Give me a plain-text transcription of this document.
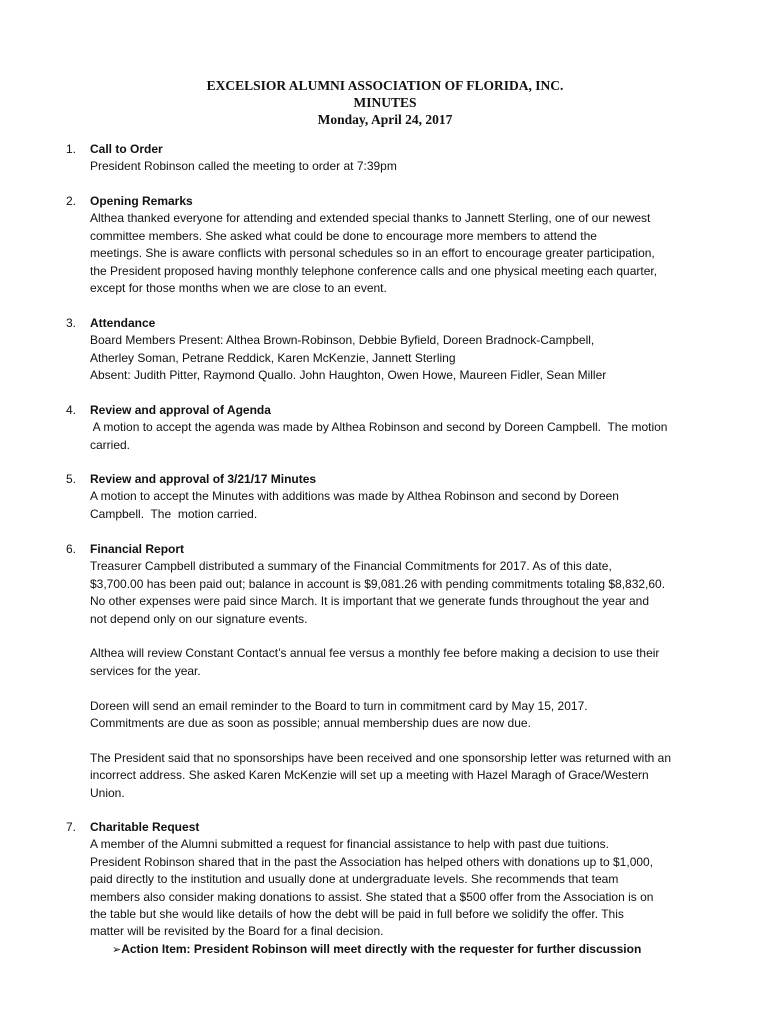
EXCELSIOR ALUMNI ASSOCIATION OF FLORIDA, INC.
MINUTES
Monday, April 24, 2017
1.	Call to Order
President Robinson called the meeting to order at 7:39pm
2.	Opening Remarks
Althea thanked everyone for attending and extended special thanks to Jannett Sterling, one of our newest
committee members. She asked what could be done to encourage more members to attend the
meetings. She is aware conflicts with personal schedules so in an effort to encourage greater participation,
the President proposed having monthly telephone conference calls and one physical meeting each quarter,
except for those months when we are close to an event.
3.	Attendance
Board Members Present: Althea Brown-Robinson, Debbie Byfield, Doreen Bradnock-Campbell,
Atherley Soman, Petrane Reddick, Karen McKenzie, Jannett Sterling
Absent: Judith Pitter, Raymond Quallo. John Haughton, Owen Howe, Maureen Fidler, Sean Miller
4.	Review and approval of Agenda
A motion to accept the agenda was made by Althea Robinson and second by Doreen Campbell.  The motion
carried.
5.	Review and approval of 3/21/17 Minutes
A motion to accept the Minutes with additions was made by Althea Robinson and second by Doreen
Campbell.  The  motion carried.
6.	Financial Report
Treasurer Campbell distributed a summary of the Financial Commitments for 2017. As of this date,
$3,700.00 has been paid out; balance in account is $9,081.26 with pending commitments totaling $8,832,60.
No other expenses were paid since March. It is important that we generate funds throughout the year and
not depend only on our signature events.
Althea will review Constant Contact’s annual fee versus a monthly fee before making a decision to use their
services for the year.
Doreen will send an email reminder to the Board to turn in commitment card by May 15, 2017.
Commitments are due as soon as possible; annual membership dues are now due.
The President said that no sponsorships have been received and one sponsorship letter was returned with an
incorrect address. She asked Karen McKenzie will set up a meeting with Hazel Maragh of Grace/Western
Union.
7.	Charitable Request
A member of the Alumni submitted a request for financial assistance to help with past due tuitions.
President Robinson shared that in the past the Association has helped others with donations up to $1,000,
paid directly to the institution and usually done at undergraduate levels. She recommends that team
members also consider making donations to assist. She stated that a $500 offer from the Association is on
the table but she would like details of how the debt will be paid in full before we solidify the offer. This
matter will be revisited by the Board for a final decision.
➢Action Item: President Robinson will meet directly with the requester for further discussion
